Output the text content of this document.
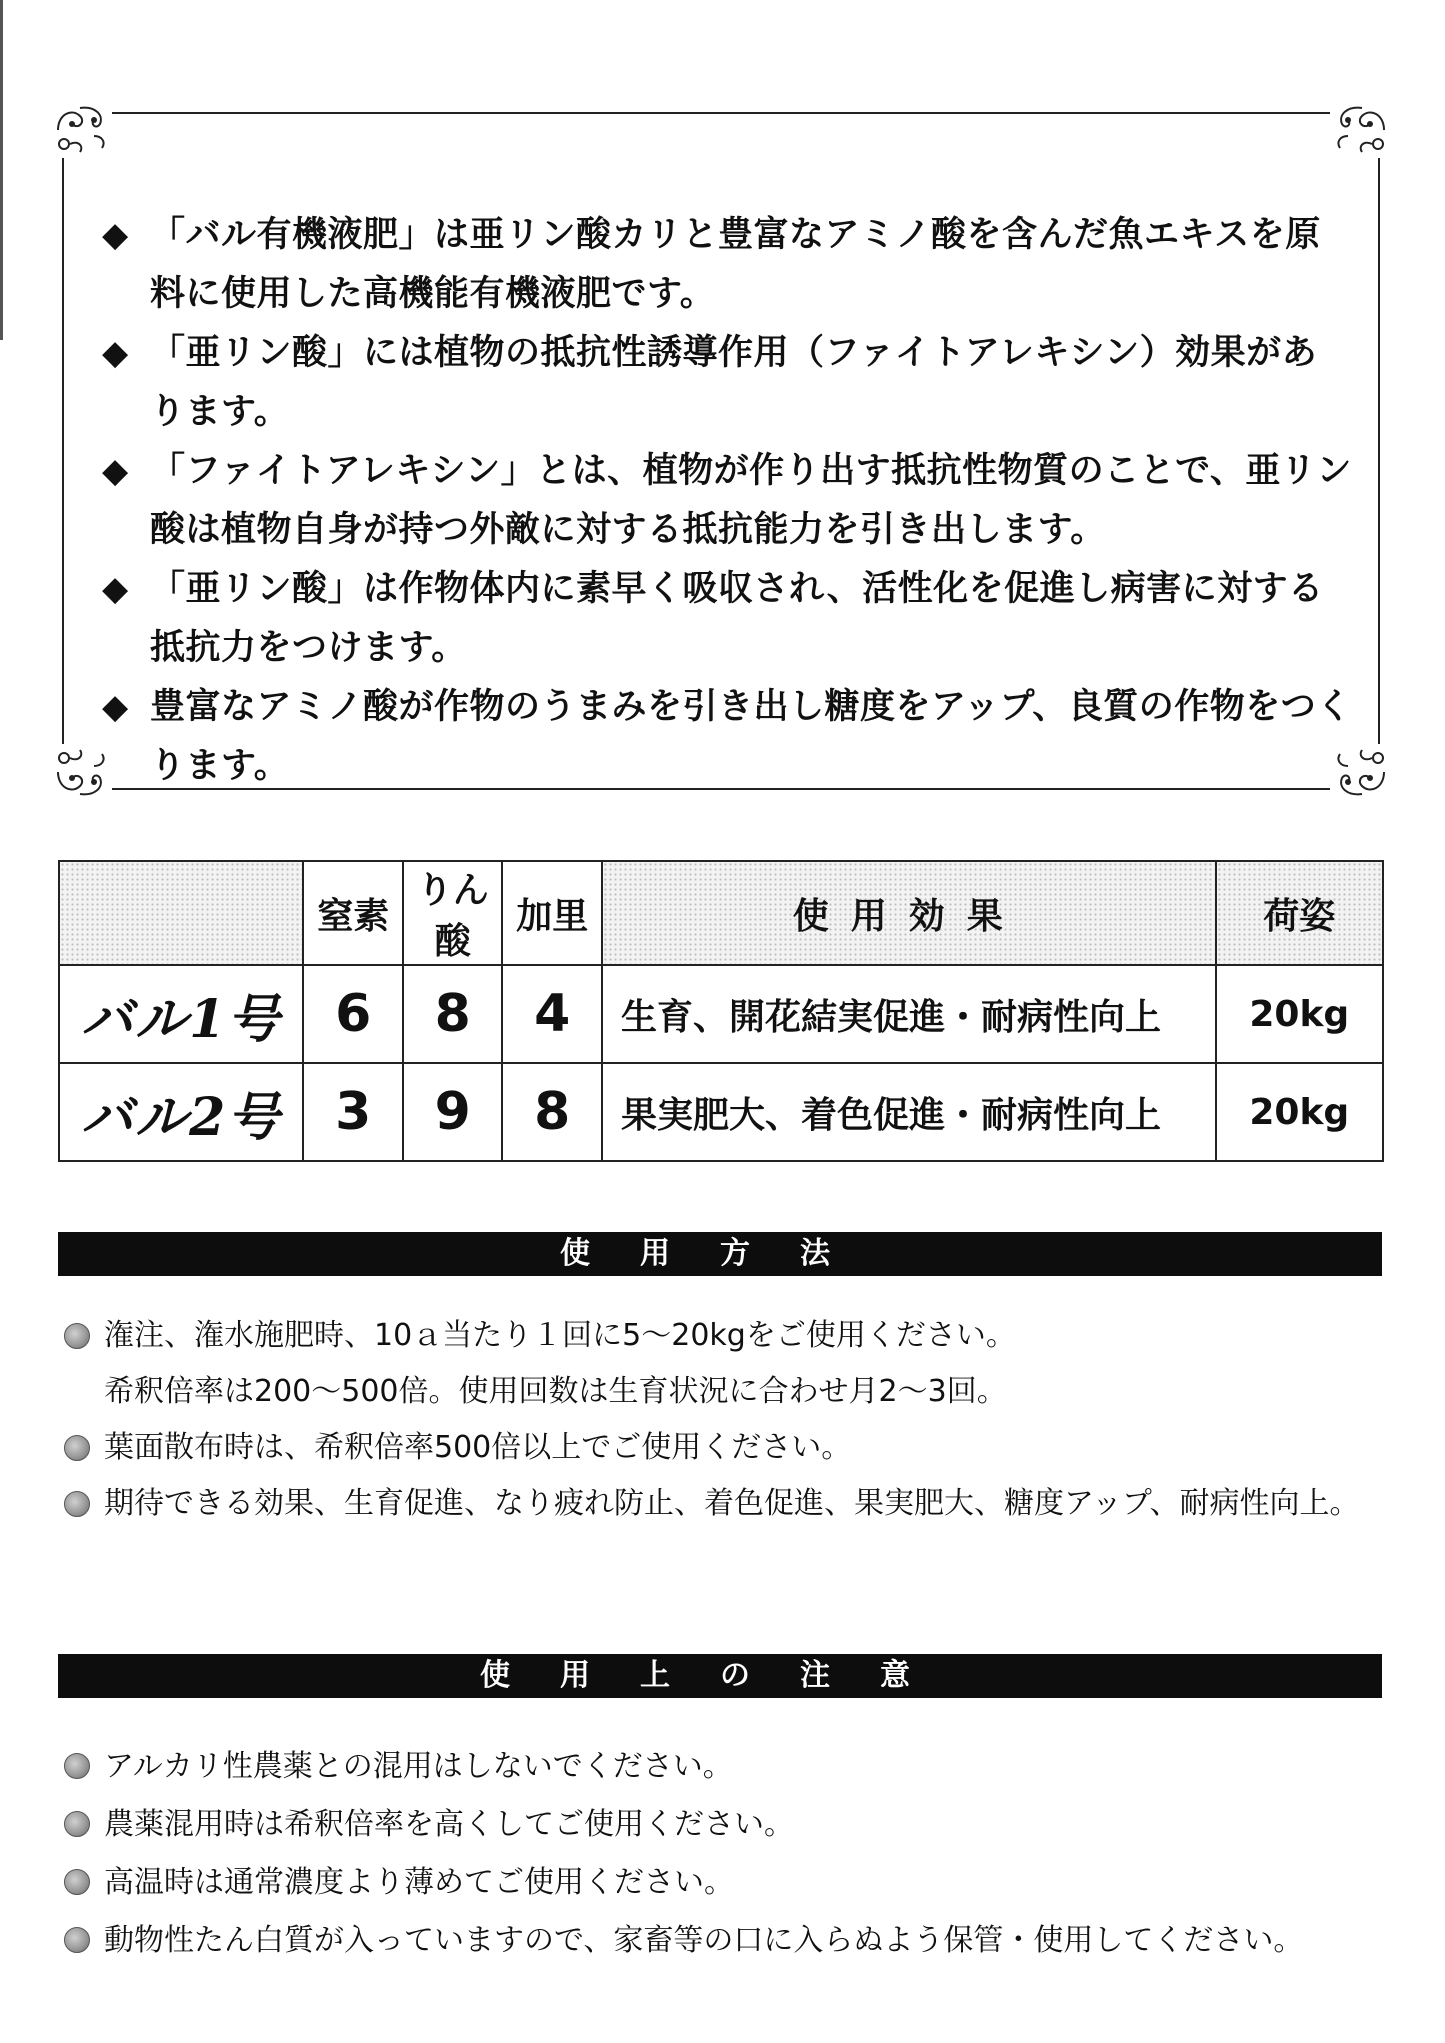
◆ 「バル有機液肥」は亜リン酸カリと豊富なアミノ酸を含んだ魚エキスを原料に使用した高機能有機液肥です。
◆ 「亜リン酸」には植物の抵抗性誘導作用（ファイトアレキシン）効果があります。
◆ 「ファイトアレキシン」とは、植物が作り出す抵抗性物質のことで、亜リン酸は植物自身が持つ外敵に対する抵抗能力を引き出します。
◆ 「亜リン酸」は作物体内に素早く吸収され、活性化を促進し病害に対する抵抗力をつけます。
◆ 豊富なアミノ酸が作物のうまみを引き出し糖度をアップ、良質の作物をつくります。
	窒素	りん酸	加里	使用効果	荷姿
バル1号	6	8	4	生育、開花結実促進・耐病性向上	20kg
バル2号	3	9	8	果実肥大、着色促進・耐病性向上	20kg
使用方法
潅注、潅水施肥時、10ａ当たり１回に5〜20kgをご使用ください。
希釈倍率は200〜500倍。使用回数は生育状況に合わせ月2〜3回。
葉面散布時は、希釈倍率500倍以上でご使用ください。
期待できる効果、生育促進、なり疲れ防止、着色促進、果実肥大、糖度アップ、耐病性向上。
使用上の注意
アルカリ性農薬との混用はしないでください。
農薬混用時は希釈倍率を高くしてご使用ください。
高温時は通常濃度より薄めてご使用ください。
動物性たん白質が入っていますので、家畜等の口に入らぬよう保管・使用してください。
